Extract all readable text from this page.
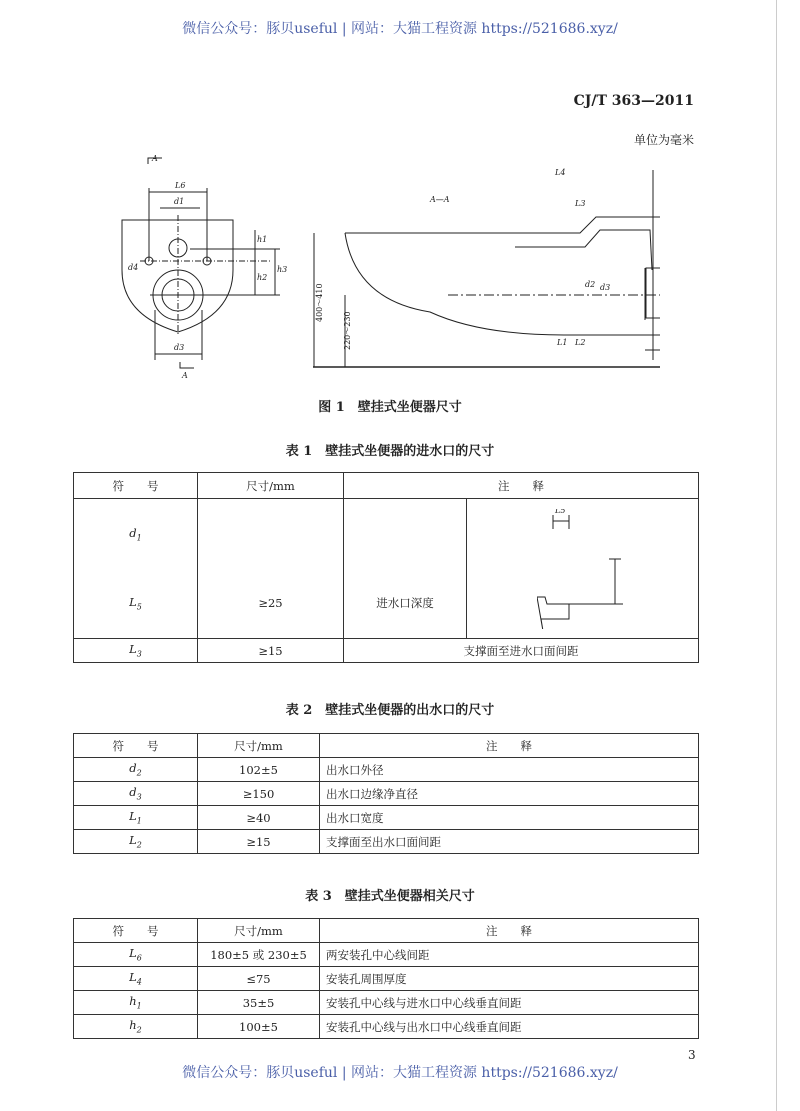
微信公众号：豚贝useful | 网站：大猫工程资源 https://521686.xyz/
CJ/T 363—2011
单位为毫米
A
A
L6
d1
d4
h1
h2
h3
d3
A—A
L4
L3
d2 d3
L1 L2
400～410
220～230
图 1　壁挂式坐便器尺寸
表 1　壁挂式坐便器的进水口的尺寸
符　　号	尺寸/mm	注　　释	
$d_1$			L5

$L_5$	≥25	进水口深度	
$L_3$	≥15	支撑面至进水口面间距	
表 2　壁挂式坐便器的出水口的尺寸
符　　号	尺寸/mm	注　　释
$d_2$	102±5	出水口外径
$d_3$	≥150	出水口边缘净直径
$L_1$	≥40	出水口宽度
$L_2$	≥15	支撑面至出水口面间距
表 3　壁挂式坐便器相关尺寸
符　　号	尺寸/mm	注　　释
$L_6$	180±5 或 230±5	两安装孔中心线间距
$L_4$	≤75	安装孔周围厚度
$h_1$	35±5	安装孔中心线与进水口中心线垂直间距
$h_2$	100±5	安装孔中心线与出水口中心线垂直间距
3
微信公众号：豚贝useful | 网站：大猫工程资源 https://521686.xyz/
